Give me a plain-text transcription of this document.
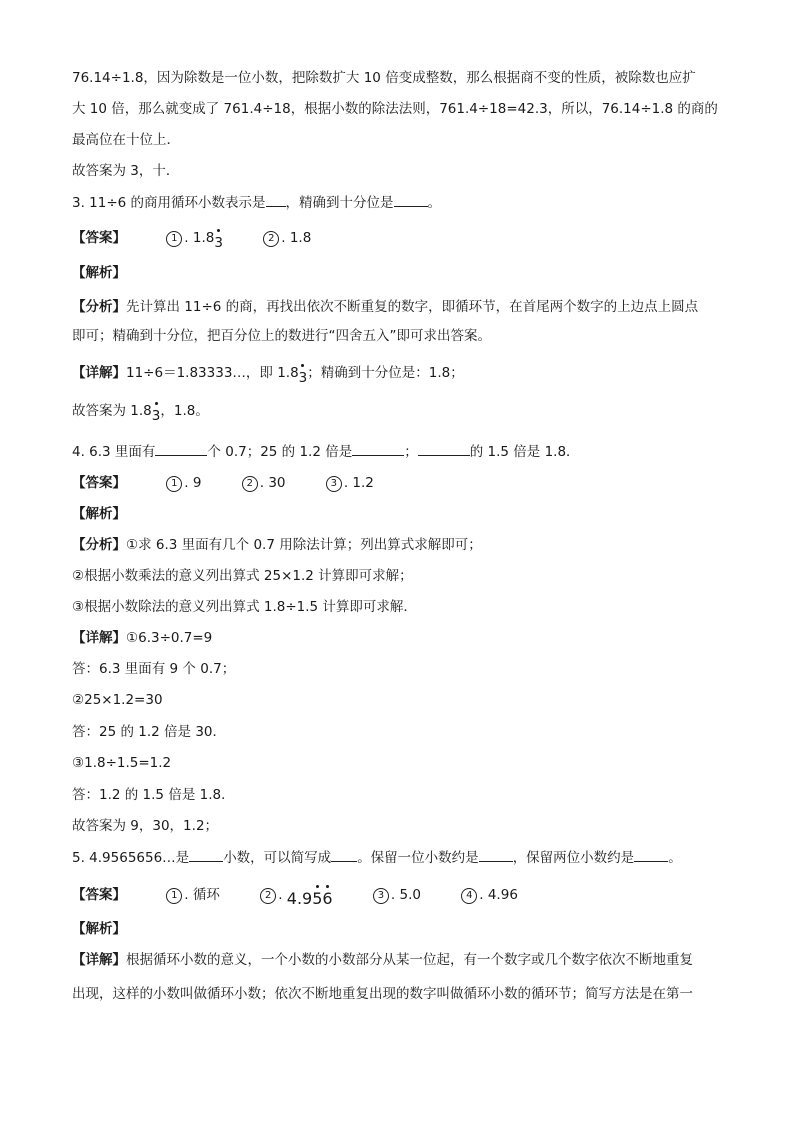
76.14÷1.8，因为除数是一位小数，把除数扩大 10 倍变成整数，那么根据商不变的性质，被除数也应扩
大 10 倍，那么就变成了 761.4÷18，根据小数的除法法则，761.4÷18=42.3，所以，76.14÷1.8 的商的
最高位在十位上．
故答案为 3，十．
3. 11÷6 的商用循环小数表示是 ，精确到十分位是	。
【答案】	1 . 1.8
3	2 . 1.8
【解析】
【分析】先计算出 11÷6 的商，再找出依次不断重复的数字，即循环节，在首尾两个数字的上边点上圆点
即可；精确到十分位，把百分位上的数进行“四舍五入”即可求出答案。
【详解】11÷6＝1.83333…，即 1.8
3；精确到十分位是：1.8；
故答案为 1.8
3，1.8。
4. 6.3 里面有	个 0.7；25 的 1.2 倍是	；	的 1.5 倍是 1.8．
【答案】	1 . 9	2 . 30	3 . 1.2
【解析】
【分析】①求 6.3 里面有几个 0.7 用除法计算；列出算式求解即可；
②根据小数乘法的意义列出算式 25×1.2 计算即可求解；
③根据小数除法的意义列出算式 1.8÷1.5 计算即可求解．
【详解】①6.3÷0.7=9
答：6.3 里面有 9 个 0.7；
②25×1.2=30
答：25 的 1.2 倍是 30．
③1.8÷1.5=1.2
答：1.2 的 1.5 倍是 1.8．
故答案为 9，30，1.2；
5. 4.9565656…是	小数，可以简写成 。保留一位小数约是	，保留两位小数约是	。
【答案】	1 . 循环	2 . 4.9
5
6	3 . 5.0	4 . 4.96
【解析】
【详解】根据循环小数的意义，一个小数的小数部分从某一位起，有一个数字或几个数字依次不断地重复
出现，这样的小数叫做循环小数；依次不断地重复出现的数字叫做循环小数的循环节；简写方法是在第一
